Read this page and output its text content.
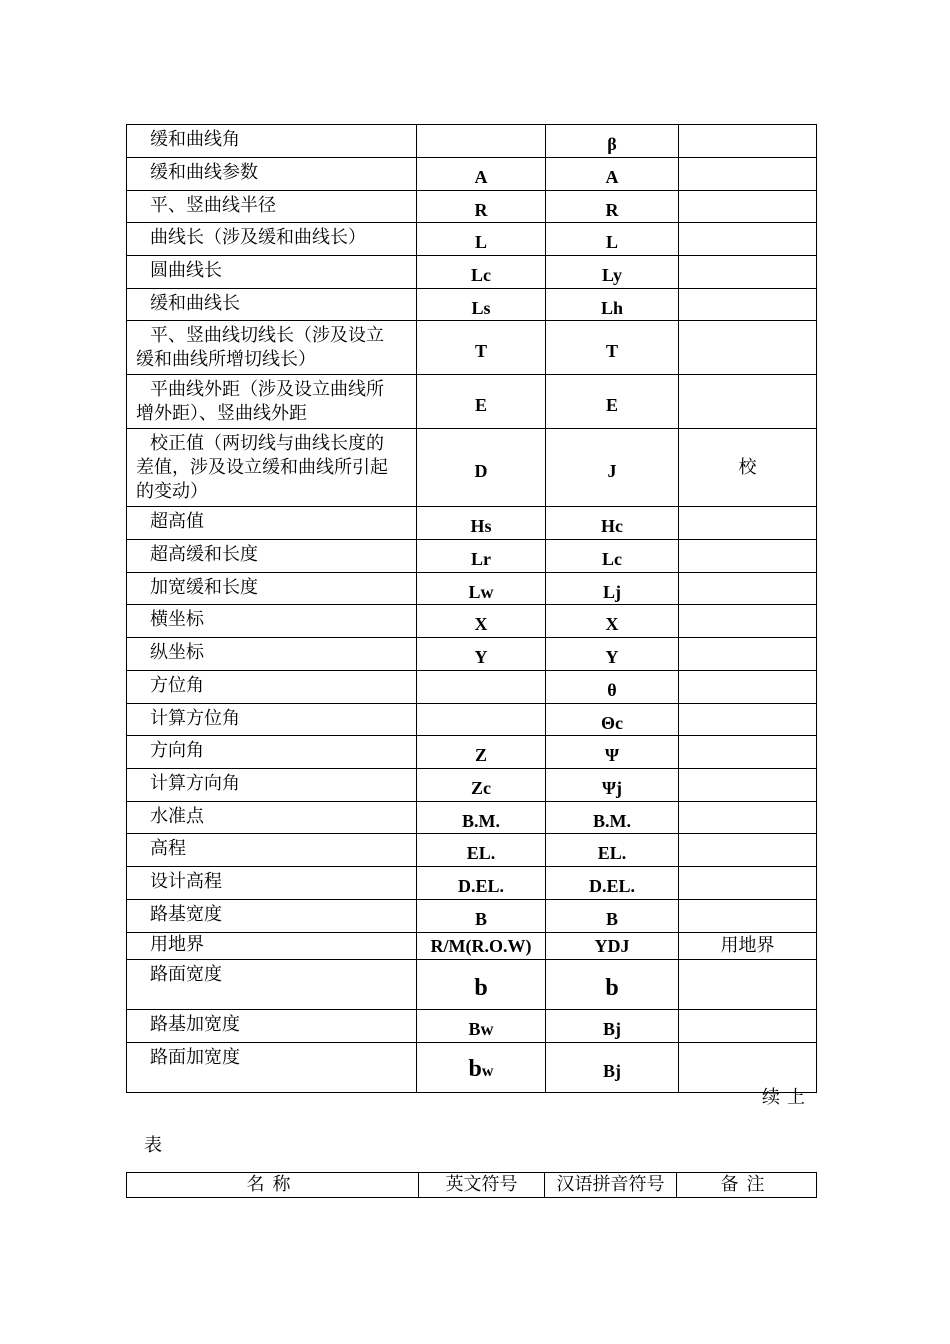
缓和曲线角		β	
缓和曲线参数	A	A	
平、竖曲线半径	R	R	
曲线长（涉及缓和曲线长）	L	L	
圆曲线长	Lc	Ly	
缓和曲线长	Ls	Lh	
平、竖曲线切线长（涉及设立
缓和曲线所增切线长）	T	T	
平曲线外距（涉及设立曲线所
增外距）、竖曲线外距	E	E	
校正值（两切线与曲线长度的
差值，涉及设立缓和曲线所引起
的变动）	D	J	校
超高值	Hs	Hc	
超高缓和长度	Lr	Lc	
加宽缓和长度	Lw	Lj	
横坐标	X	X	
纵坐标	Y	Y	
方位角		θ	
计算方位角		Θc	
方向角	Z	Ψ	
计算方向角	Zc	Ψj	
水准点	B.M.	B.M.	
高程	EL.	EL.	
设计高程	D.EL.	D.EL.	
路基宽度	B	B	
用地界	R/M(R.O.W)	YDJ	用地界
路面宽度	b	b	
路基加宽度	Bw	Bj	
路面加宽度	bw	Bj	
续上
表
名称	英文符号	汉语拼音符号	备注
